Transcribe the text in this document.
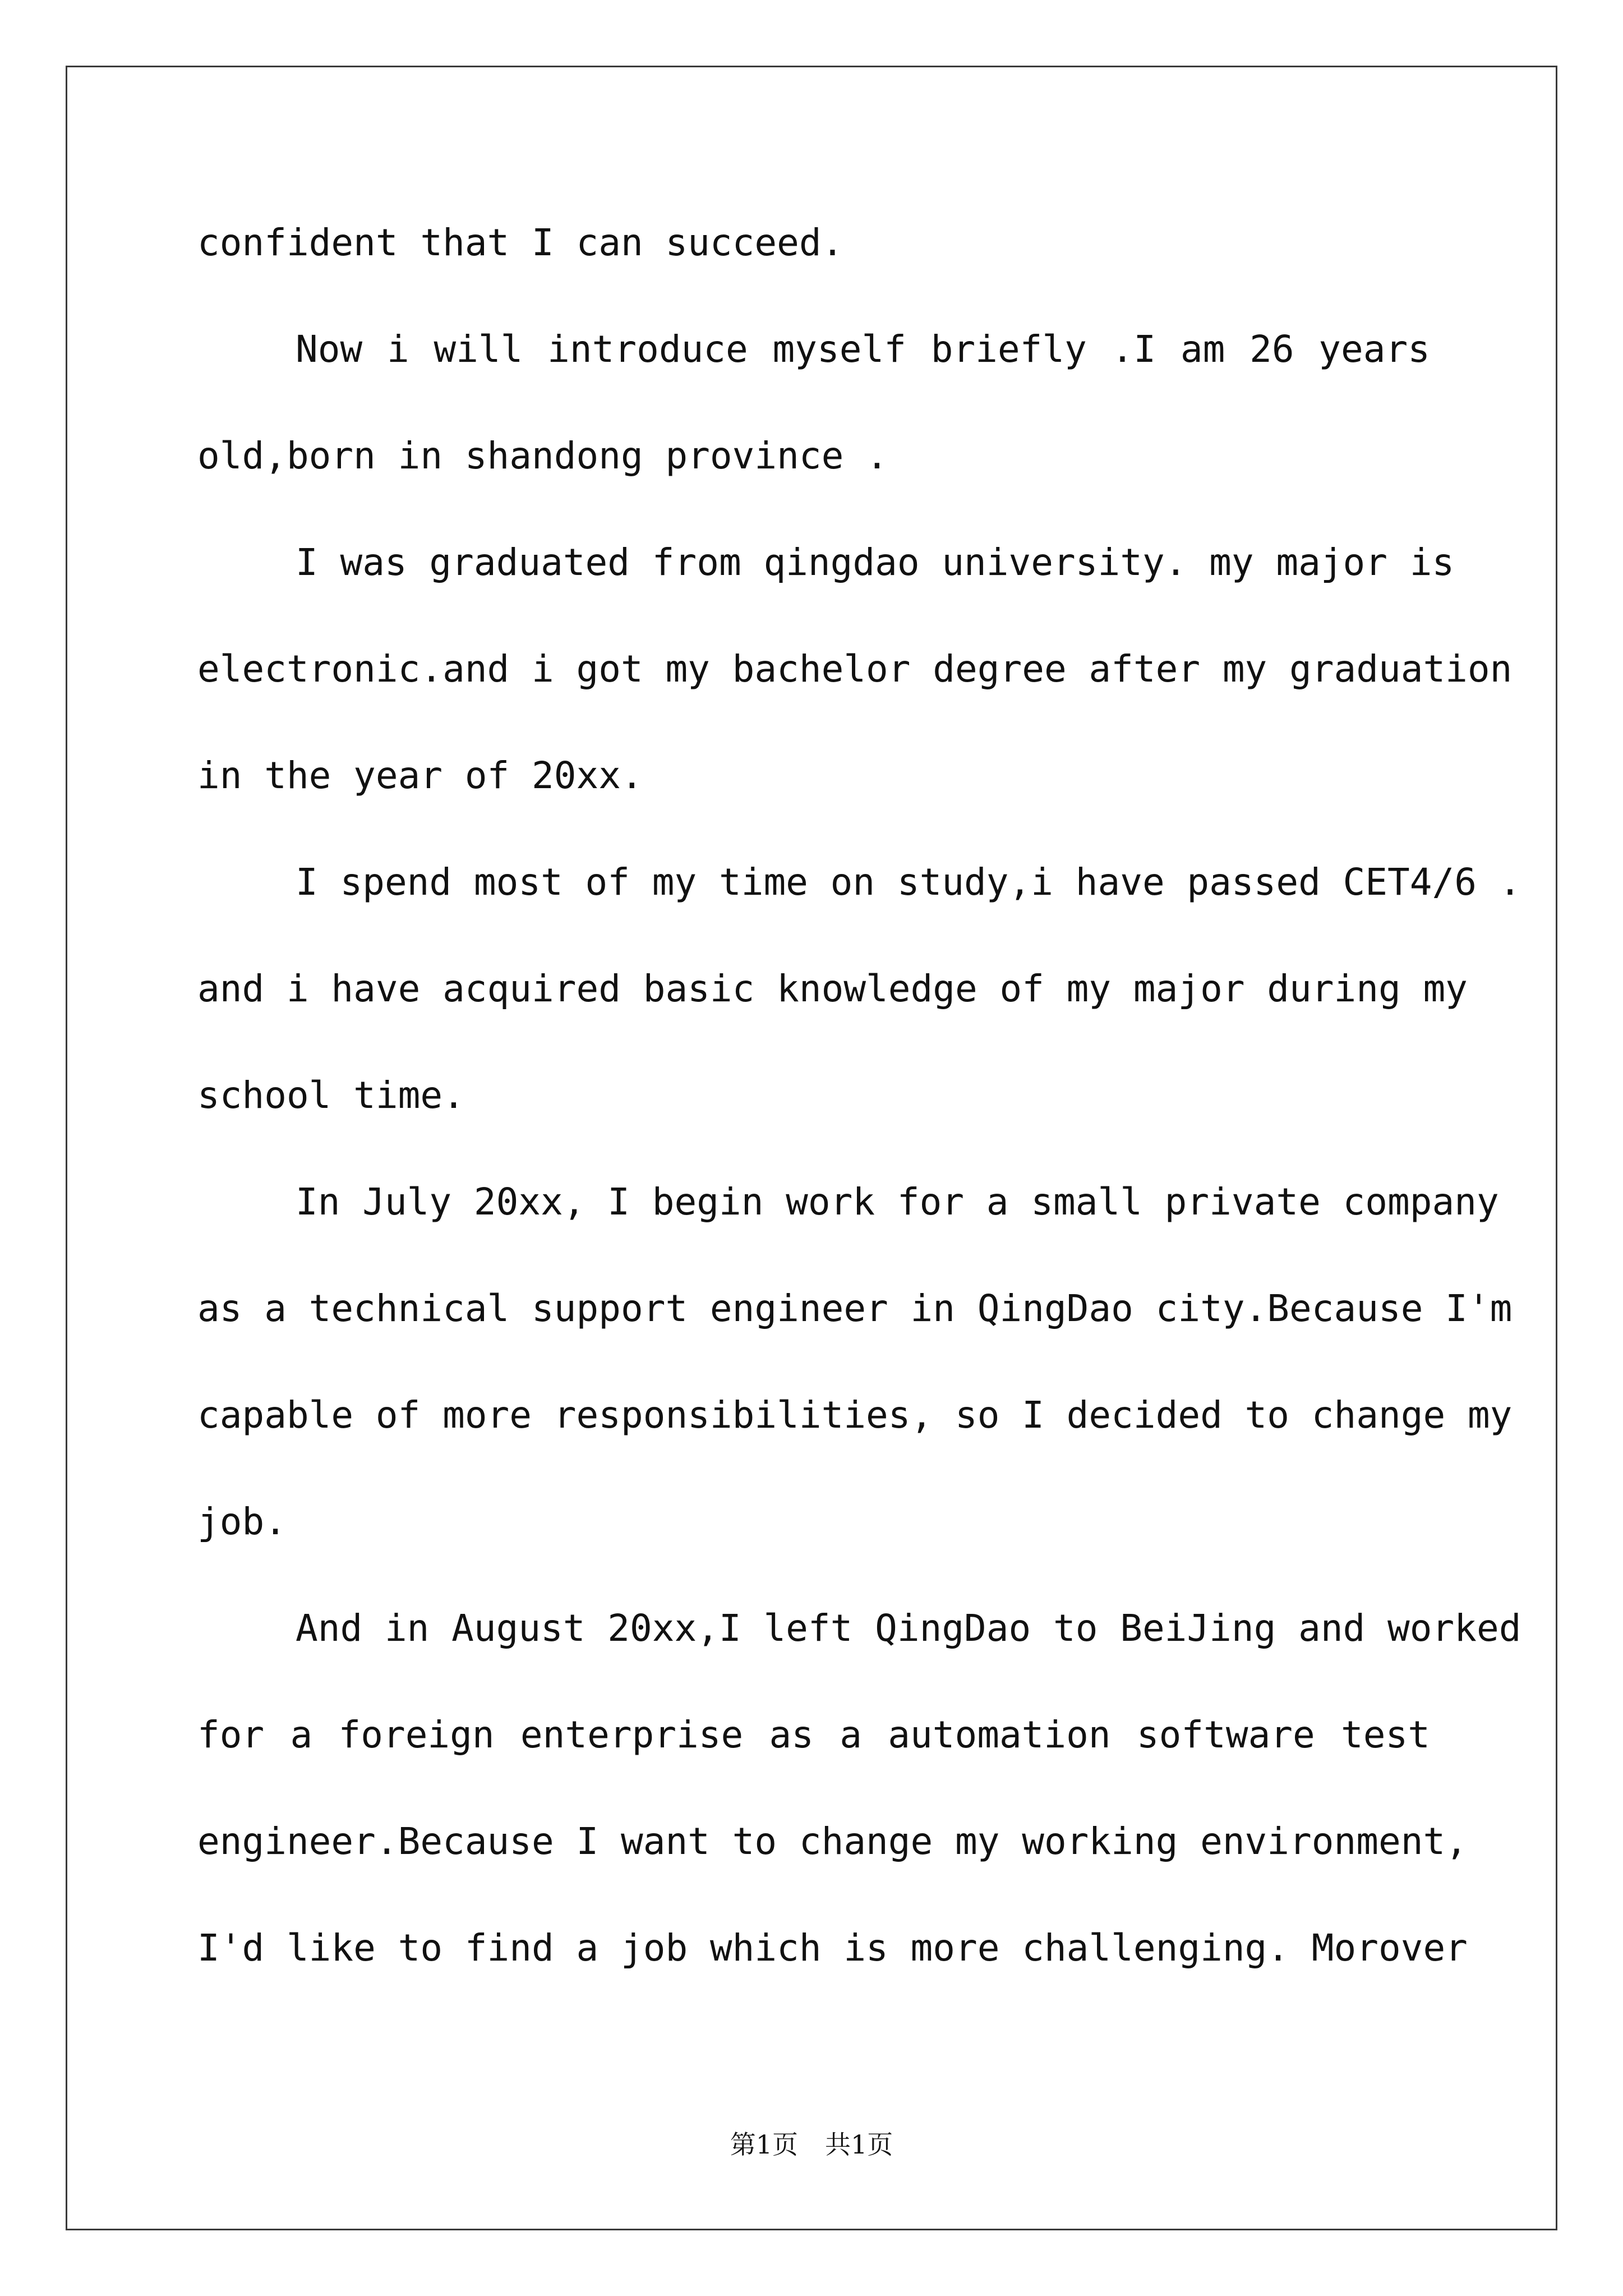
confident that I can succeed.
Now i will introduce myself briefly .I am 26 years
old,born in shandong province .
I was graduated from qingdao university. my major is
electronic.and i got my bachelor degree after my graduation
in the year of 20xx.
I spend most of my time on study,i have passed CET4/6 .
and i have acquired basic knowledge of my major during my
school time.
In July 20xx, I begin work for a small private company
as a technical support engineer in QingDao city.Because I'm
capable of more responsibilities, so I decided to change my
job.
And in August 20xx,I left QingDao to BeiJing and worked
for a foreign enterprise as a automation software test
engineer.Because I want to change my working environment,
I'd like to find a job which is more challenging. Morover
第1页 共1页
